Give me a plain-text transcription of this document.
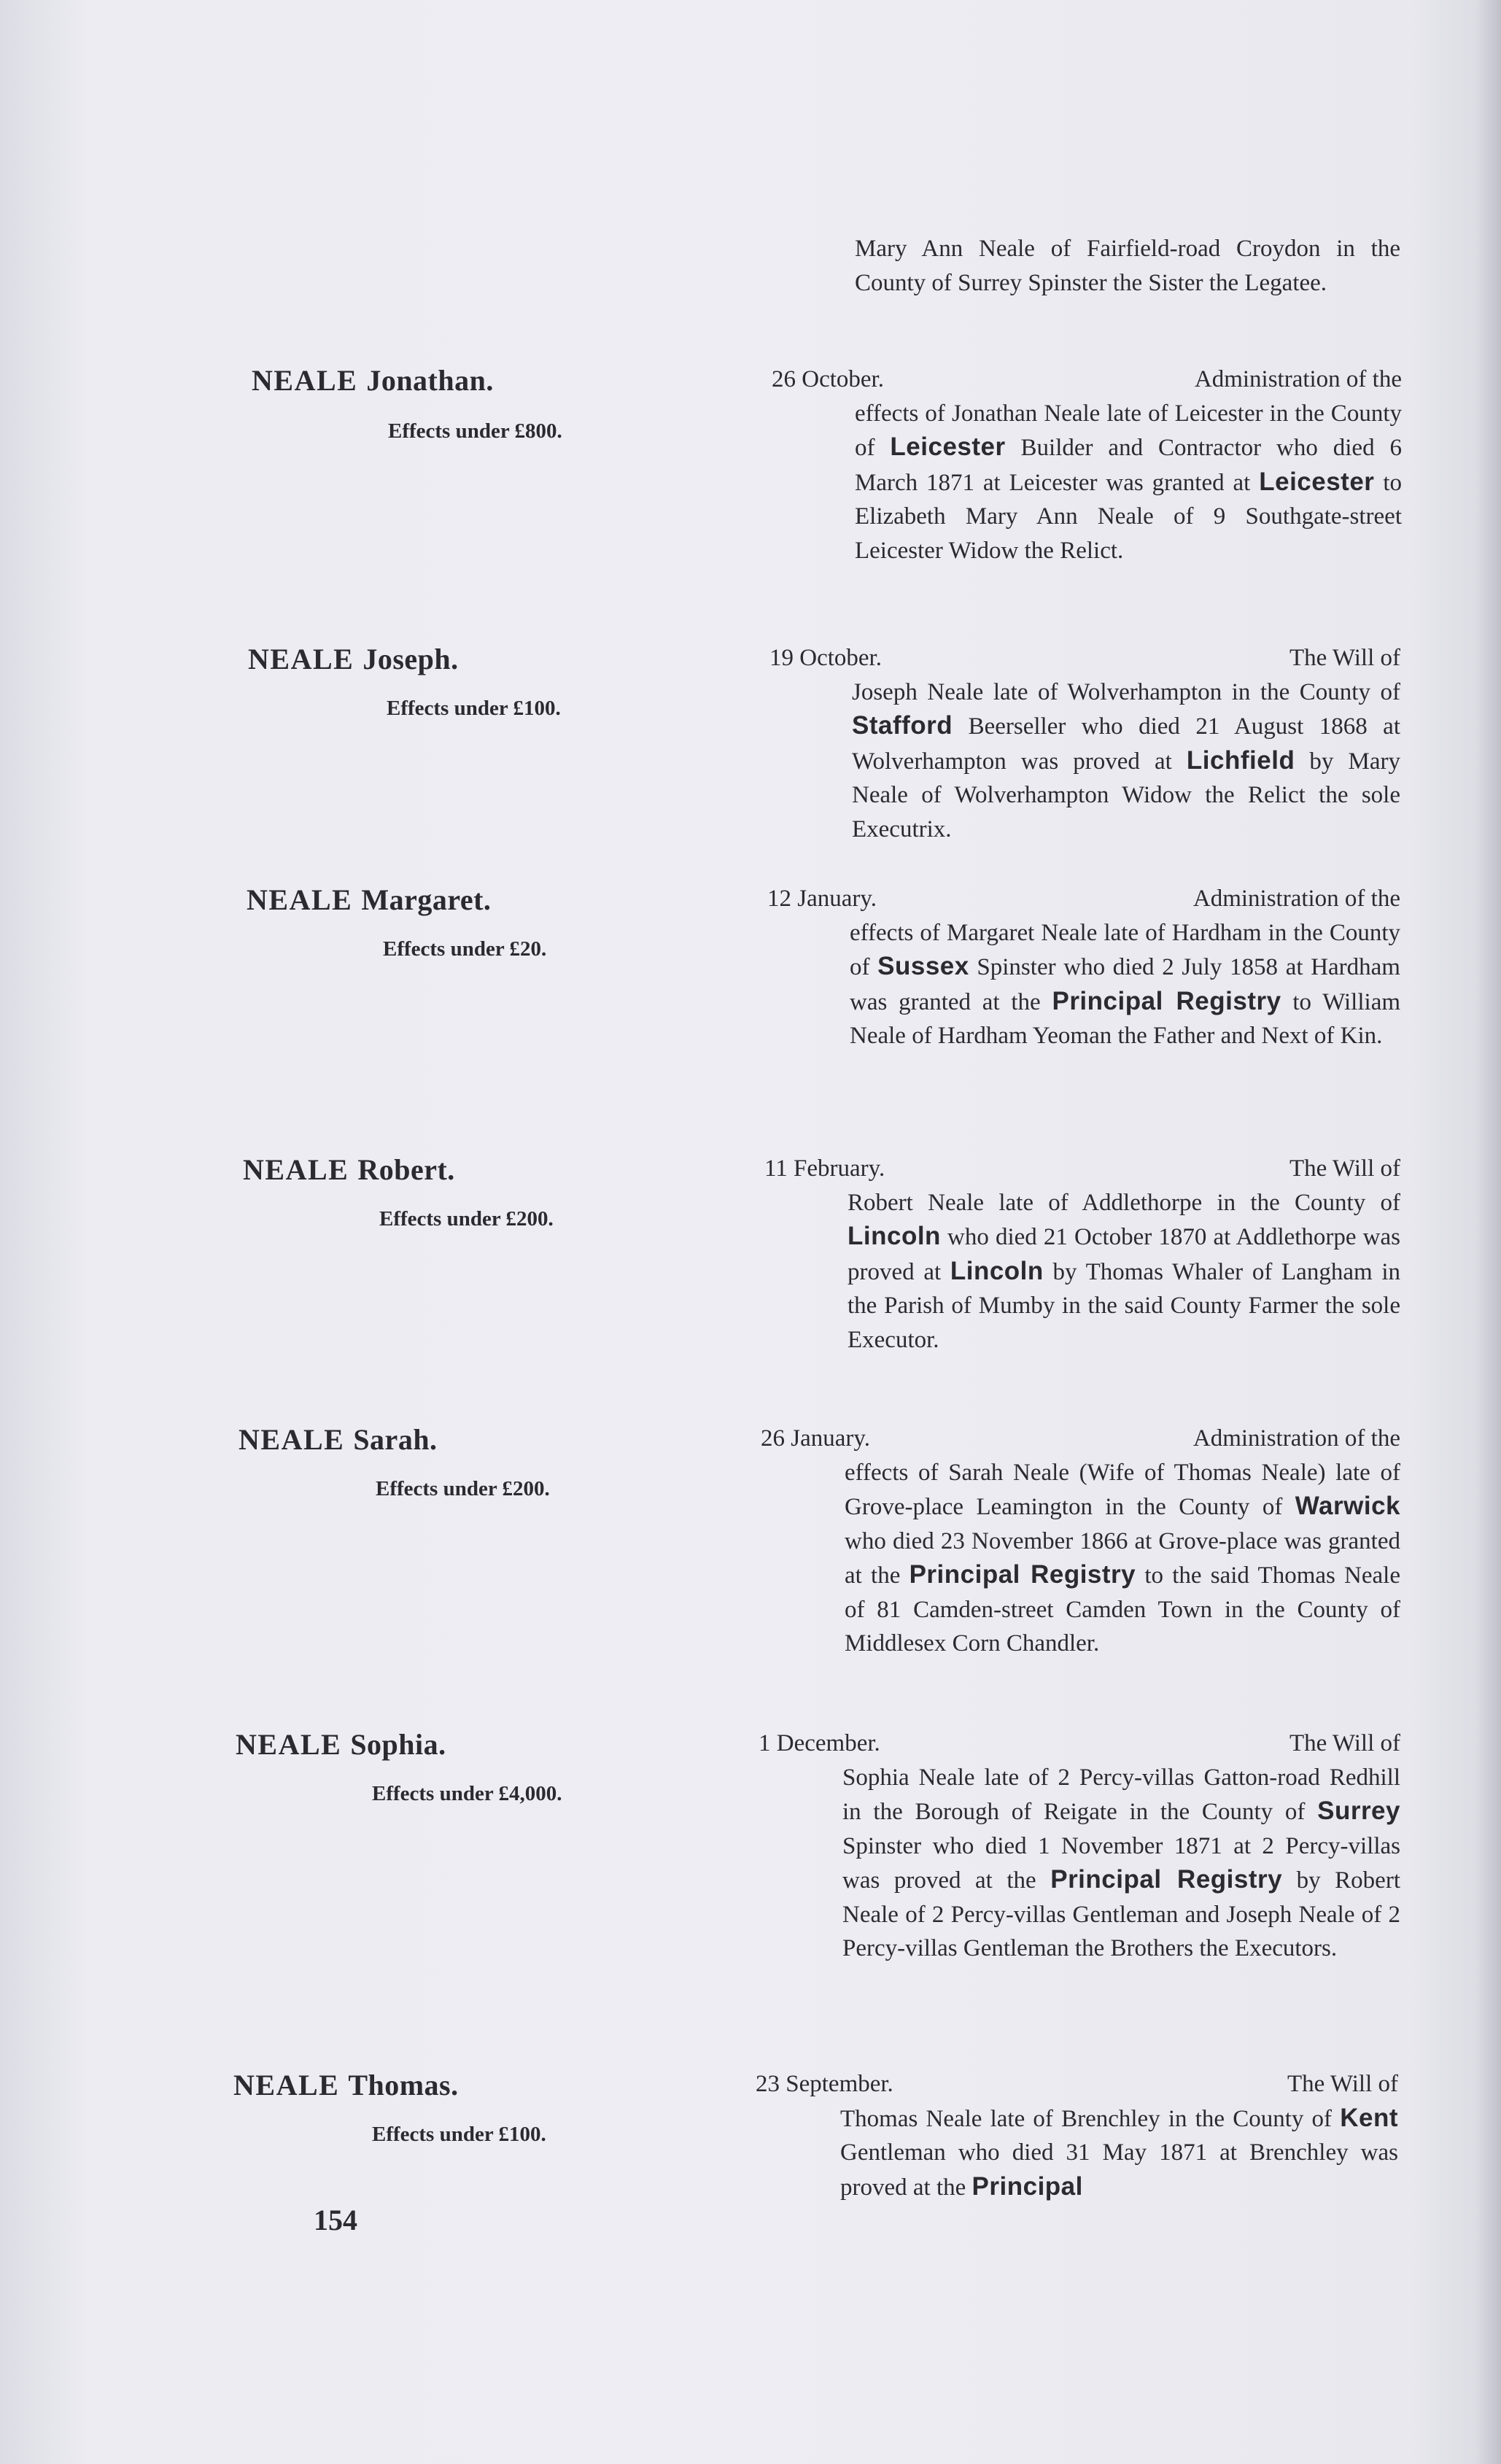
Mary Ann Neale of Fairfield-road Croydon in the County of Surrey Spinster the Sister the Legatee.
NEALE Jonathan.
Effects under £800.
26 October.	Administration of the
effects of Jonathan Neale late of Leicester in the County of Leicester Builder and Contractor who died 6 March 1871 at Leicester was granted at Leicester to Elizabeth Mary Ann Neale of 9 Southgate-street Leicester Widow the Relict.
NEALE Joseph.
Effects under £100.
19 October.	The Will of
Joseph Neale late of Wolverhampton in the County of Stafford Beerseller who died 21 August 1868 at Wolverhampton was proved at Lichfield by Mary Neale of Wolverhampton Widow the Relict the sole Executrix.
NEALE Margaret.
Effects under £20.
12 January.	Administration of the
effects of Margaret Neale late of Hardham in the County of Sussex Spinster who died 2 July 1858 at Hardham was granted at the Principal Registry to William Neale of Hardham Yeoman the Father and Next of Kin.
NEALE Robert.
Effects under £200.
11 February.	The Will of
Robert Neale late of Addlethorpe in the County of Lincoln who died 21 October 1870 at Addlethorpe was proved at Lincoln by Thomas Whaler of Langham in the Parish of Mumby in the said County Farmer the sole Executor.
NEALE Sarah.
Effects under £200.
26 January.	Administration of the
effects of Sarah Neale (Wife of Thomas Neale) late of Grove-place Leamington in the County of Warwick who died 23 November 1866 at Grove-place was granted at the Principal Registry to the said Thomas Neale of 81 Camden-street Camden Town in the County of Middlesex Corn Chandler.
NEALE Sophia.
Effects under £4,000.
1 December.	The Will of
Sophia Neale late of 2 Percy-villas Gatton-road Redhill in the Borough of Reigate in the County of Surrey Spinster who died 1 November 1871 at 2 Percy-villas was proved at the Principal Registry by Robert Neale of 2 Percy-villas Gentleman and Joseph Neale of 2 Percy-villas Gentleman the Brothers the Executors.
NEALE Thomas.
Effects under £100.
23 September.	The Will of
Thomas Neale late of Brenchley in the County of Kent Gentleman who died 31 May 1871 at Brenchley was proved at the Principal
154
